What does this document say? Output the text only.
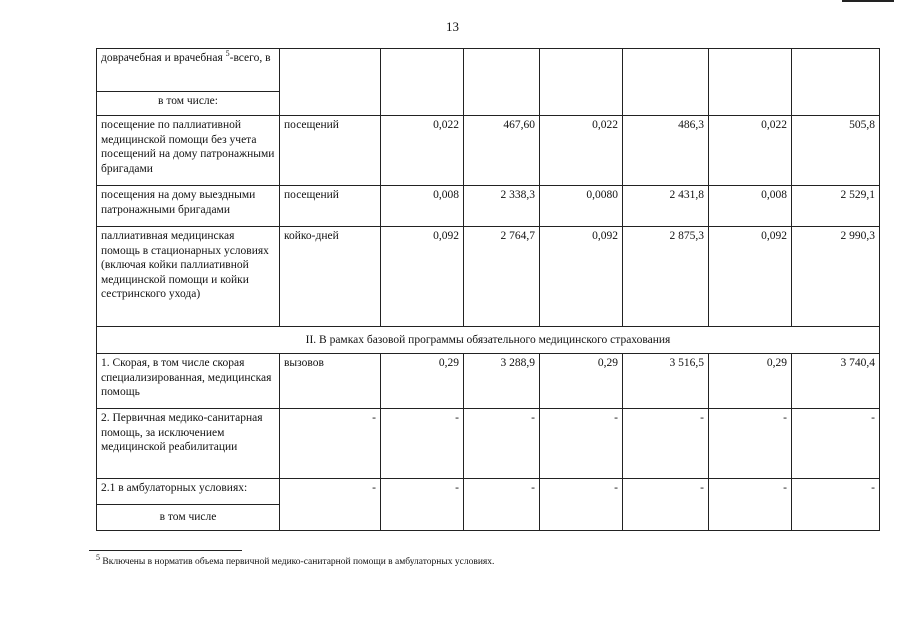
13
доврачебная и врачебная $^5$-всего, в							
в том числе:							
посещение по паллиативной медицинской помощи без учета посещений на дому патронажными бригадами	посещений	0,022	467,60	0,022	486,3	0,022	505,8
посещения на дому выездными патронажными бригадами	посещений	0,008	2 338,3	0,0080	2 431,8	0,008	2 529,1
паллиативная медицинская помощь в стационарных условиях (включая койки паллиативной медицинской помощи и койки сестринского ухода)	койко-дней	0,092	2 764,7	0,092	2 875,3	0,092	2 990,3
II. В рамках базовой программы обязательного медицинского страхования							
1. Скорая, в том числе скорая специализированная, медицинская помощь	вызовов	0,29	3 288,9	0,29	3 516,5	0,29	3 740,4
2. Первичная медико-санитарная помощь, за исключением медицинской реабилитации	-	-	-	-	-	-	-
2.1 в амбулаторных условиях:	-	-	-	-	-	-	-
в том числе							
$^5$ Включены в норматив объема первичной медико-санитарной помощи в амбулаторных условиях.
